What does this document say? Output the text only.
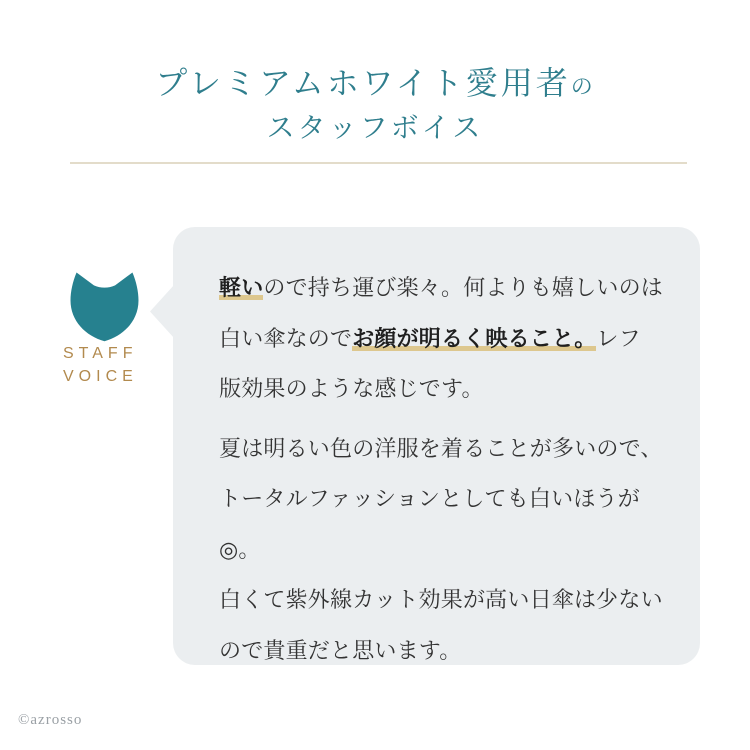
プレミアムホワイト愛用者の
スタッフボイス
STAFF
VOICE

軽いので持ち運び楽々。何よりも嬉しいのは
白い傘なのでお顔が明るく映ること。レフ
版効果のような感じです。

夏は明るい色の洋服を着ることが多いので、
トータルファッションとしても白いほうが◎。
白くて紫外線カット効果が高い日傘は少ない
ので貴重だと思います。

©azrosso
